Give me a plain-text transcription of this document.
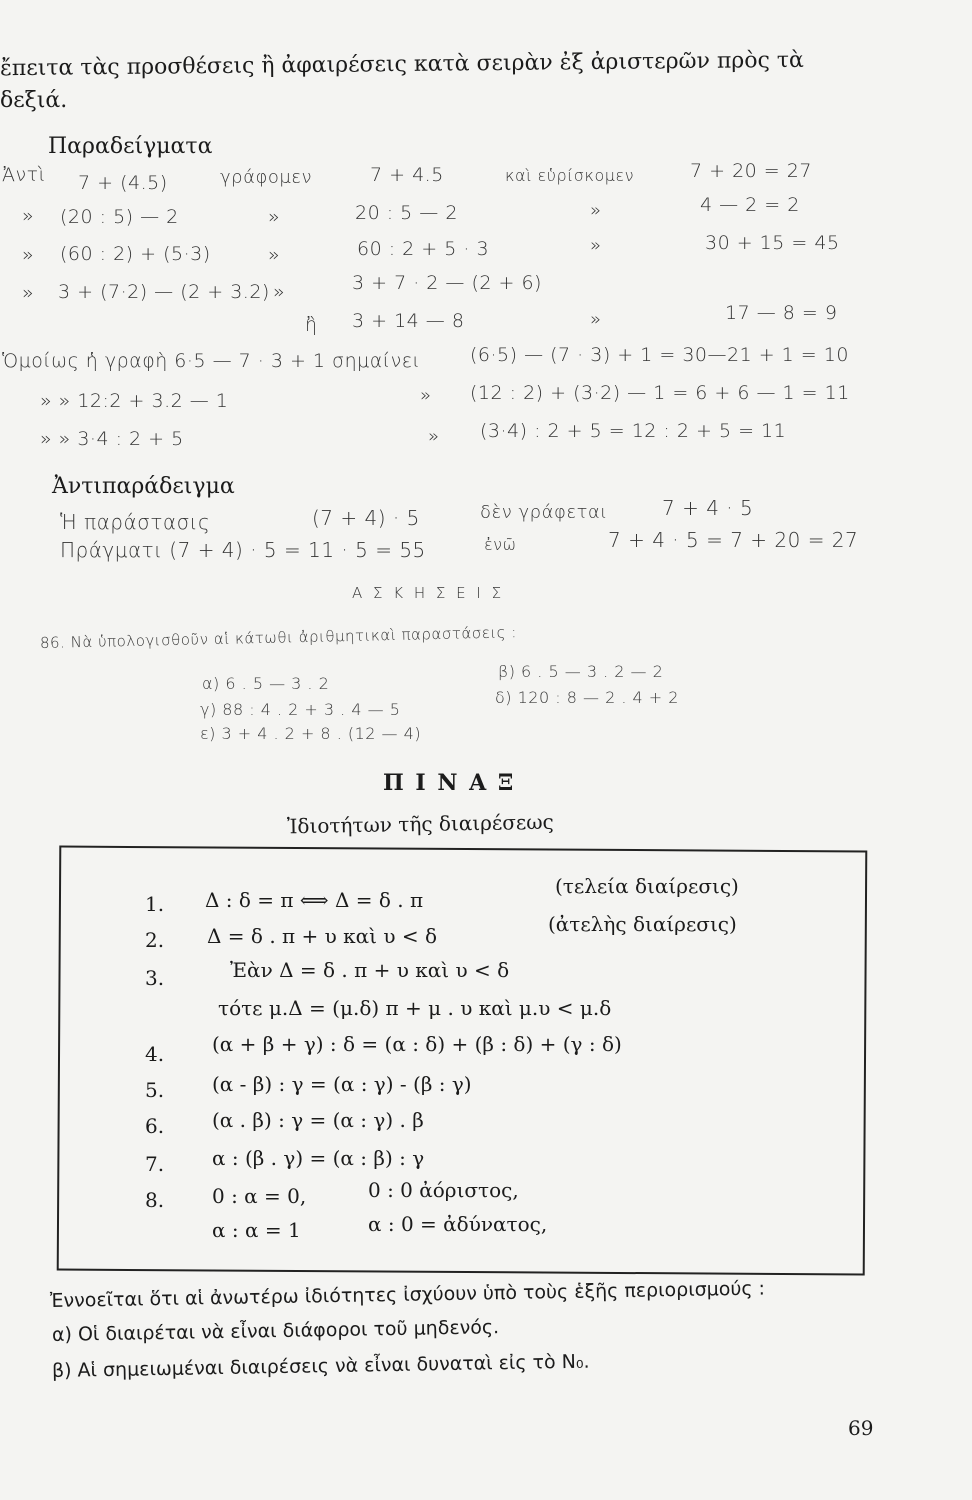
ἔπειτα τὰς προσθέσεις ἢ ἀφαιρέσεις κατὰ σειρὰν ἐξ ἀριστερῶν πρὸς τὰ
δεξιά.
Παραδείγματα
Ἀντὶ 7 + (4.5)	γράφομεν	7 + 4.5	καὶ εὑρίσκομεν	7 + 20 = 27
» (20 : 5) — 2	»	20 : 5 — 2	»	4 — 2 = 2
» (60 : 2) + (5·3)	»	60 : 2 + 5 · 3	»	30 + 15 = 45
» 3 + (7·2) — (2 + 3.2) »	3 + 7 · 2 — (2 + 6)
ἢ 3 + 14 — 8	»	17 — 8 = 9
Ὁμοίως ἡ γραφὴ 6·5 — 7 · 3 + 1 σημαίνει	(6·5) — (7 · 3) + 1 = 30—21 + 1 = 10
» » 12:2 + 3.2 — 1	» (12 : 2) + (3·2) — 1 = 6 + 6 — 1 = 11
» » 3·4 : 2 + 5	» (3·4) : 2 + 5 = 12 : 2 + 5 = 11
Ἀντιπαράδειγμα
Ἡ παράστασις	(7 + 4) · 5	δὲν γράφεται	7 + 4 · 5
Πράγματι (7 + 4) · 5 = 11 · 5 = 55	ἐνῶ	7 + 4 · 5 = 7 + 20 = 27
Α Σ Κ Η Σ Ε Ι Σ
86. Νὰ ὑπολογισθοῦν αἱ κάτωθι ἀριθμητικαὶ παραστάσεις :
α) 6 . 5 — 3 . 2
β) 6 . 5 — 3 . 2 — 2
γ) 88 : 4 . 2 + 3 . 4 — 5
δ) 120 : 8 — 2 . 4 + 2
ε) 3 + 4 . 2 + 8 . (12 — 4)
Π Ι Ν Α Ξ
Ἰδιοτήτων τῆς διαιρέσεως
1. Δ : δ = π ⟺ Δ = δ . π
(τελεία διαίρεσις)
2. Δ = δ . π + υ καὶ υ < δ	(ἀτελὴς διαίρεσις)
3.	Ἐὰν Δ = δ . π + υ καὶ υ < δ
τότε μ.Δ = (μ.δ) π + μ . υ καὶ μ.υ < μ.δ
4. (α + β + γ) : δ = (α : δ) + (β : δ) + (γ : δ)
5. (α - β) : γ = (α : γ) - (β : γ)
6. (α . β) : γ = (α : γ) . β
7. α : (β . γ) = (α : β) : γ
8. 0 : α = 0,	0 : 0 ἀόριστος,
α : α = 1	α : 0 = ἀδύνατος,
Ἐννοεῖται ὅτι αἱ ἀνωτέρω ἰδιότητες ἰσχύουν ὑπὸ τοὺς ἑξῆς περιορισμούς :
α) Οἱ διαιρέται νὰ εἶναι διάφοροι τοῦ μηδενός.
β) Αἱ σημειωμέναι διαιρέσεις νὰ εἶναι δυναταὶ εἰς τὸ N₀.
69
